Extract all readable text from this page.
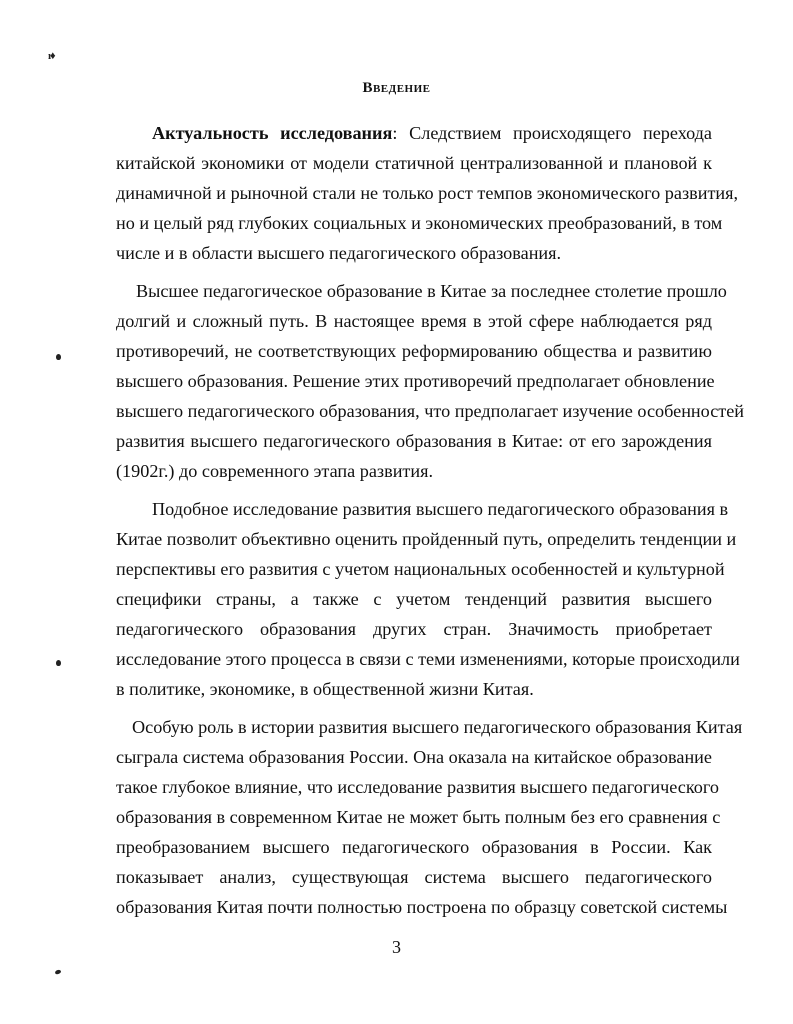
ı♦
Введение
Актуальность исследования: Следствием происходящего перехода
китайской экономики от модели статичной централизованной и плановой к
динамичной и рыночной стали не только рост темпов экономического развития,
но и целый ряд глубоких социальных и экономических преобразований, в том
числе и в области высшего педагогического образования.
Высшее педагогическое образование в Китае за последнее столетие прошло
долгий и сложный путь. В настоящее время в этой сфере наблюдается ряд
противоречий, не соответствующих реформированию общества и развитию
высшего образования. Решение этих противоречий предполагает обновление
высшего педагогического образования, что предполагает изучение особенностей
развития высшего педагогического образования в Китае: от его зарождения
(1902г.) до современного этапа развития.
Подобное исследование развития высшего педагогического образования в
Китае позволит объективно оценить пройденный путь, определить тенденции и
перспективы его развития с учетом национальных особенностей и культурной
специфики страны, а также с учетом тенденций развития высшего
педагогического образования других стран. Значимость приобретает
исследование этого процесса в связи с теми изменениями, которые происходили
в политике, экономике, в общественной жизни Китая.
Особую роль в истории развития высшего педагогического образования Китая
сыграла система образования России. Она оказала на китайское образование
такое глубокое влияние, что исследование развития высшего педагогического
образования в современном Китае не может быть полным без его сравнения с
преобразованием высшего педагогического образования в России. Как
показывает анализ, существующая система высшего педагогического
образования Китая почти полностью построена по образцу советской системы
3
